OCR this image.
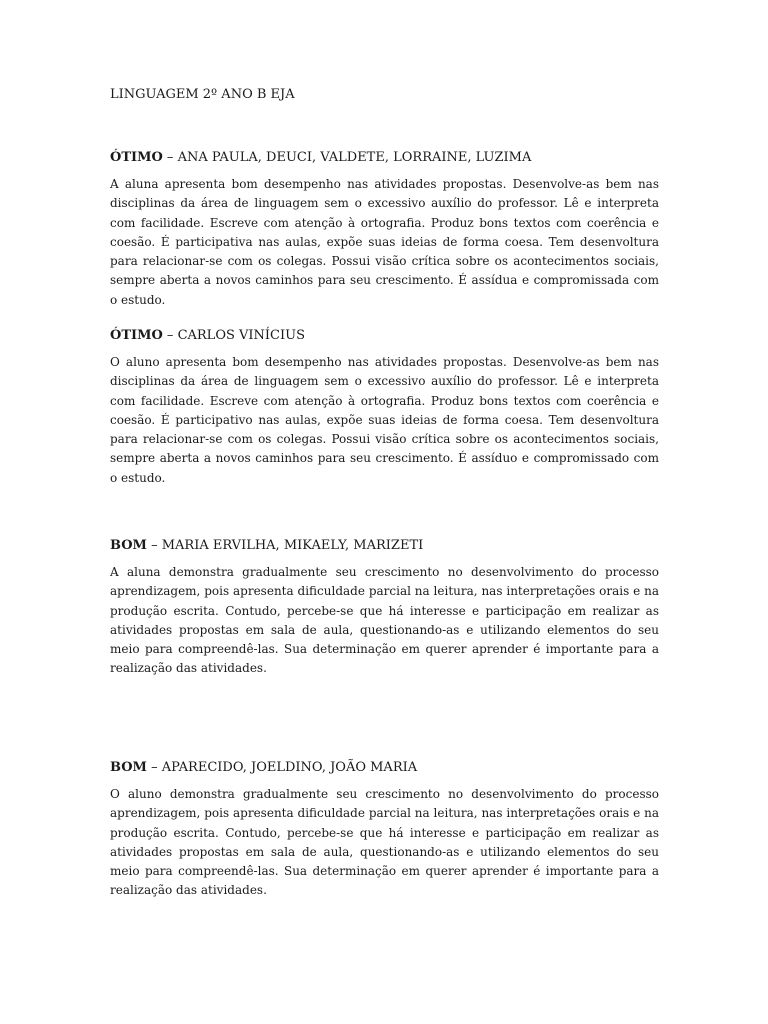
LINGUAGEM 2º ANO B EJA
ÓTIMO – ANA PAULA, DEUCI, VALDETE, LORRAINE, LUZIMA

A aluna apresenta bom desempenho nas atividades propostas. Desenvolve-as bem nas disciplinas da área de linguagem sem o excessivo auxílio do professor. Lê e interpreta com facilidade. Escreve com atenção à ortografia. Produz bons textos com coerência e coesão. É participativa nas aulas, expõe suas ideias de forma coesa. Tem desenvoltura para relacionar-se com os colegas. Possui visão crítica sobre os acontecimentos sociais, sempre aberta a novos caminhos para seu crescimento. É assídua e compromissada com o estudo.

ÓTIMO – CARLOS VINÍCIUS

O aluno apresenta bom desempenho nas atividades propostas. Desenvolve-as bem nas disciplinas da área de linguagem sem o excessivo auxílio do professor. Lê e interpreta com facilidade. Escreve com atenção à ortografia. Produz bons textos com coerência e coesão. É participativo nas aulas, expõe suas ideias de forma coesa. Tem desenvoltura para relacionar-se com os colegas. Possui visão crítica sobre os acontecimentos sociais, sempre aberta a novos caminhos para seu crescimento. É assíduo e compromissado com o estudo.

BOM – MARIA ERVILHA, MIKAELY, MARIZETI

A aluna demonstra gradualmente seu crescimento no desenvolvimento do processo aprendizagem, pois apresenta dificuldade parcial na leitura, nas interpretações orais e na produção escrita. Contudo, percebe-se que há interesse e participação em realizar as atividades propostas em sala de aula, questionando-as e utilizando elementos do seu meio para compreendê-las. Sua determinação em querer aprender é importante para a realização das atividades.

BOM – APARECIDO, JOELDINO, JOÃO MARIA

O aluno demonstra gradualmente seu crescimento no desenvolvimento do processo aprendizagem, pois apresenta dificuldade parcial na leitura, nas interpretações orais e na produção escrita. Contudo, percebe-se que há interesse e participação em realizar as atividades propostas em sala de aula, questionando-as e utilizando elementos do seu meio para compreendê-las. Sua determinação em querer aprender é importante para a realização das atividades.
